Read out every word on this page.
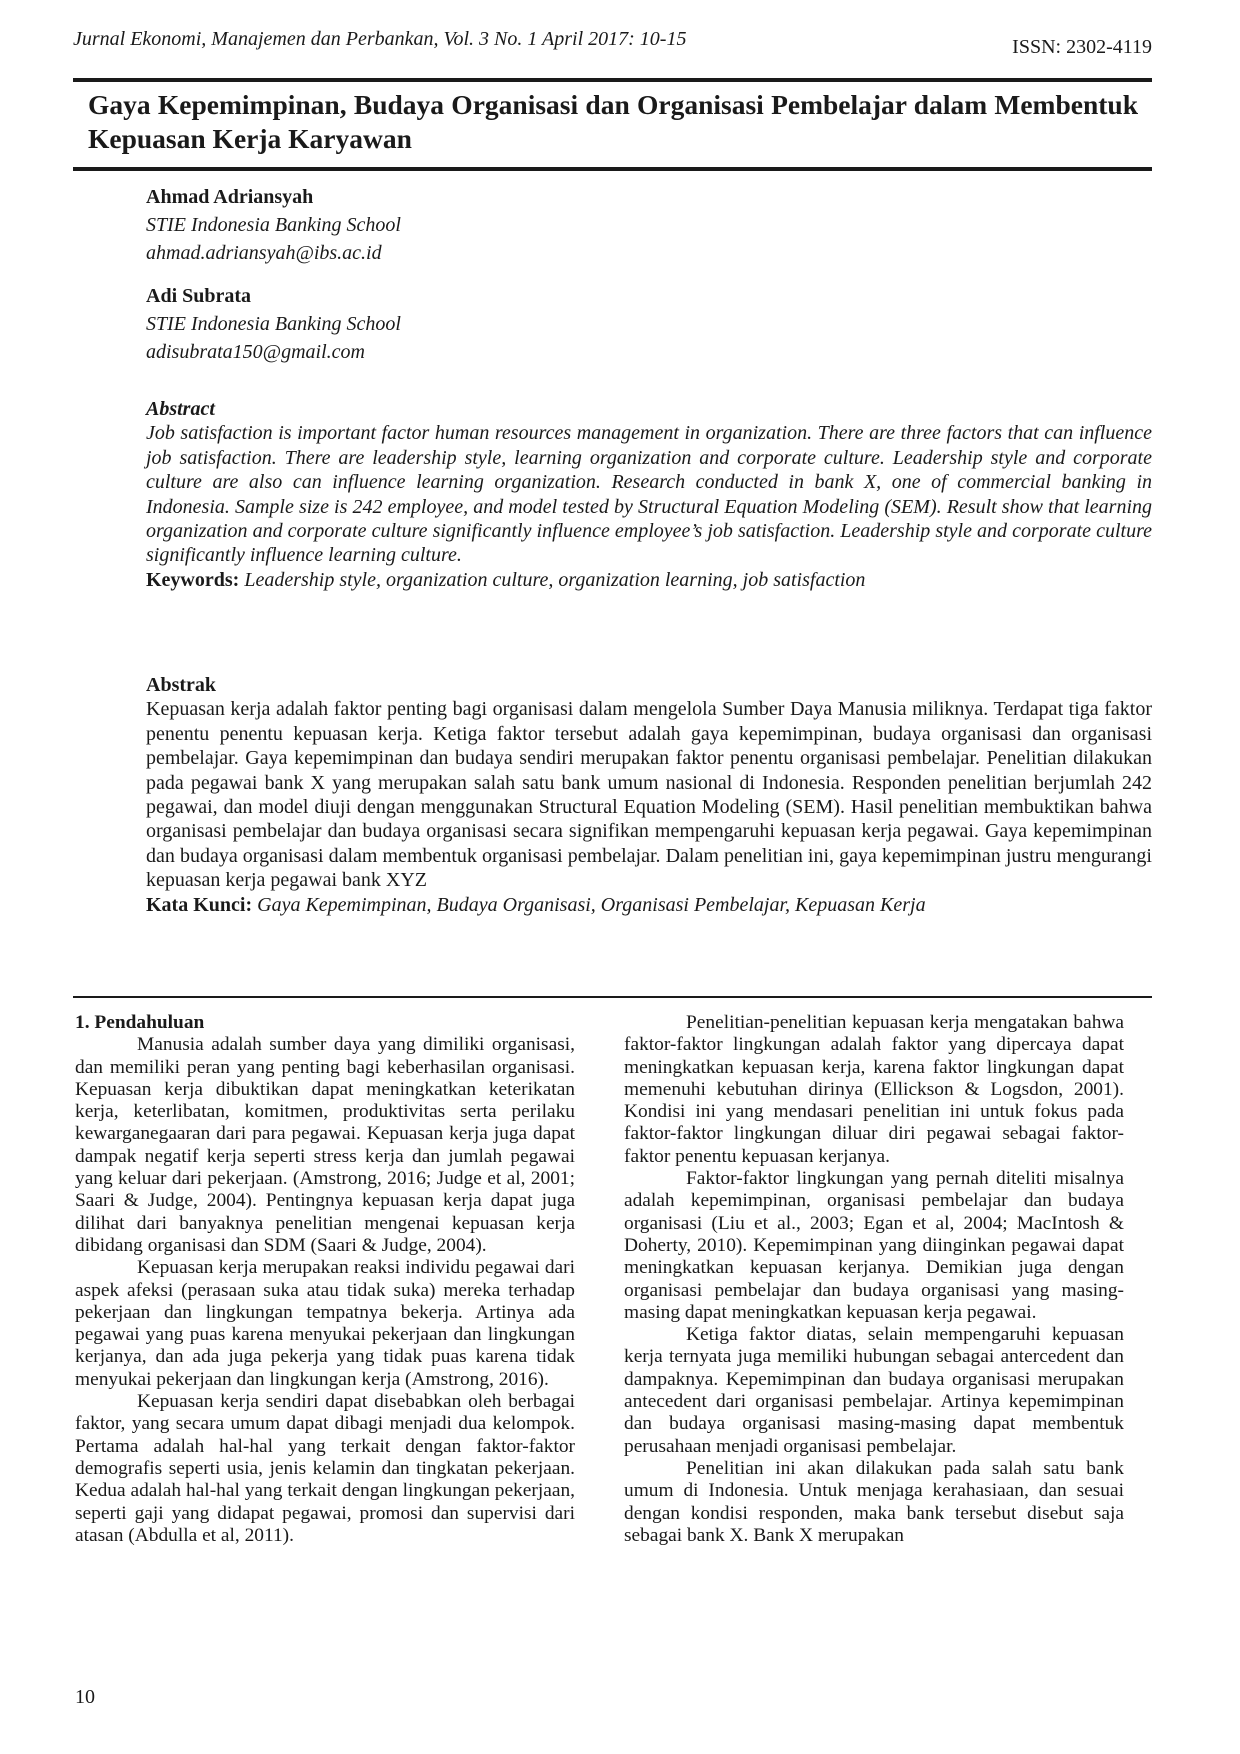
Jurnal Ekonomi, Manajemen dan Perbankan, Vol. 3 No. 1 April 2017: 10-15	ISSN: 2302-4119
Gaya Kepemimpinan, Budaya Organisasi dan Organisasi Pembelajar dalam Membentuk Kepuasan Kerja Karyawan
Ahmad Adriansyah
STIE Indonesia Banking School
ahmad.adriansyah@ibs.ac.id
Adi Subrata
STIE Indonesia Banking School
adisubrata150@gmail.com
Abstract
Job satisfaction is important factor human resources management in organization. There are three factors that can influence job satisfaction. There are leadership style, learning organization and corporate culture. Leadership style and corporate culture are also can influence learning organization. Research conducted in bank X, one of commercial banking in Indonesia. Sample size is 242 employee, and model tested by Structural Equation Modeling (SEM). Result show that learning organization and corporate culture significantly influence employee’s job satisfaction. Leadership style and corporate culture significantly influence learning culture.
Keywords: Leadership style, organization culture, organization learning, job satisfaction
Abstrak
Kepuasan kerja adalah faktor penting bagi organisasi dalam mengelola Sumber Daya Manusia miliknya. Terdapat tiga faktor penentu penentu kepuasan kerja. Ketiga faktor tersebut adalah gaya kepemimpinan, budaya organisasi dan organisasi pembelajar. Gaya kepemimpinan dan budaya sendiri merupakan faktor penentu organisasi pembelajar. Penelitian dilakukan pada pegawai bank X yang merupakan salah satu bank umum nasional di Indonesia. Responden penelitian berjumlah 242 pegawai, dan model diuji dengan menggunakan Structural Equation Modeling (SEM). Hasil penelitian membuktikan bahwa organisasi pembelajar dan budaya organisasi secara signifikan mempengaruhi kepuasan kerja pegawai. Gaya kepemimpinan dan budaya organisasi dalam membentuk organisasi pembelajar. Dalam penelitian ini, gaya kepemimpinan justru mengurangi kepuasan kerja pegawai bank XYZ
Kata Kunci: Gaya Kepemimpinan, Budaya Organisasi, Organisasi Pembelajar, Kepuasan Kerja
1. Pendahuluan

Manusia adalah sumber daya yang dimiliki organisasi, dan memiliki peran yang penting bagi keberhasilan organisasi. Kepuasan kerja dibuktikan dapat meningkatkan keterikatan kerja, keterlibatan, komitmen, produktivitas serta perilaku kewarganegaaran dari para pegawai. Kepuasan kerja juga dapat dampak negatif kerja seperti stress kerja dan jumlah pegawai yang keluar dari pekerjaan. (Amstrong, 2016; Judge et al, 2001; Saari & Judge, 2004). Pentingnya kepuasan kerja dapat juga dilihat dari banyaknya penelitian mengenai kepuasan kerja dibidang organisasi dan SDM (Saari & Judge, 2004).

Kepuasan kerja merupakan reaksi individu pegawai dari aspek afeksi (perasaan suka atau tidak suka) mereka terhadap pekerjaan dan lingkungan tempatnya bekerja. Artinya ada pegawai yang puas karena menyukai pekerjaan dan lingkungan kerjanya, dan ada juga pekerja yang tidak puas karena tidak menyukai pekerjaan dan lingkungan kerja (Amstrong, 2016).

Kepuasan kerja sendiri dapat disebabkan oleh berbagai faktor, yang secara umum dapat dibagi menjadi dua kelompok. Pertama adalah hal-hal yang terkait dengan faktor-faktor demografis seperti usia, jenis kelamin dan tingkatan pekerjaan. Kedua adalah hal-hal yang terkait dengan lingkungan pekerjaan, seperti gaji yang didapat pegawai, promosi dan supervisi dari atasan (Abdulla et al, 2011).

Penelitian-penelitian kepuasan kerja mengatakan bahwa faktor-faktor lingkungan adalah faktor yang dipercaya dapat meningkatkan kepuasan kerja, karena faktor lingkungan dapat memenuhi kebutuhan dirinya (Ellickson & Logsdon, 2001). Kondisi ini yang mendasari penelitian ini untuk fokus pada faktor-faktor lingkungan diluar diri pegawai sebagai faktor-faktor penentu kepuasan kerjanya.

Faktor-faktor lingkungan yang pernah diteliti misalnya adalah kepemimpinan, organisasi pembelajar dan budaya organisasi (Liu et al., 2003; Egan et al, 2004; MacIntosh & Doherty, 2010). Kepemimpinan yang diinginkan pegawai dapat meningkatkan kepuasan kerjanya. Demikian juga dengan organisasi pembelajar dan budaya organisasi yang masing-masing dapat meningkatkan kepuasan kerja pegawai.

Ketiga faktor diatas, selain mempengaruhi kepuasan kerja ternyata juga memiliki hubungan sebagai antercedent dan dampaknya. Kepemimpinan dan budaya organisasi merupakan antecedent dari organisasi pembelajar. Artinya kepemimpinan dan budaya organisasi masing-masing dapat membentuk perusahaan menjadi organisasi pembelajar.

Penelitian ini akan dilakukan pada salah satu bank umum di Indonesia. Untuk menjaga kerahasiaan, dan sesuai dengan kondisi responden, maka bank tersebut disebut saja sebagai bank X. Bank X merupakan

10
